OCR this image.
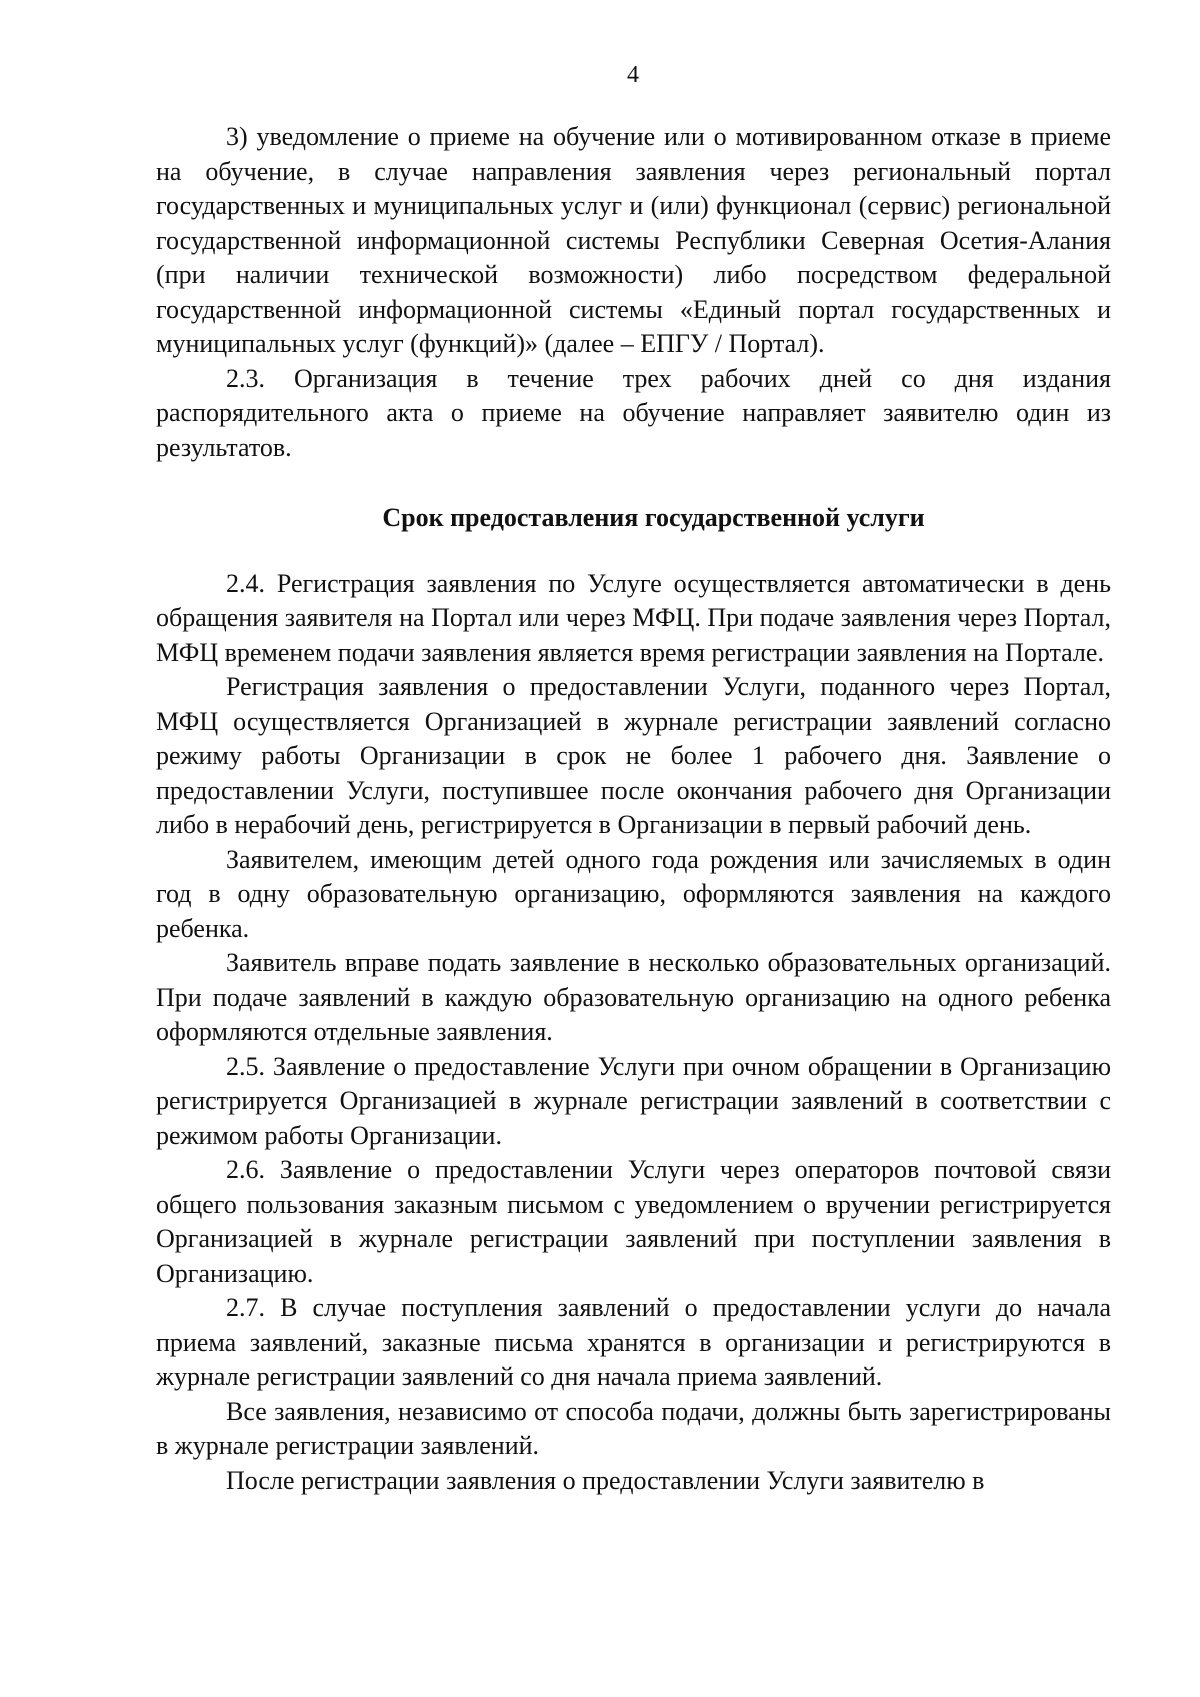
4

3) уведомление о приеме на обучение или о мотивированном отказе в приеме на обучение, в случае направления заявления через региональный портал государственных и муниципальных услуг и (или) функционал (сервис) региональной государственной информационной системы Республики Северная Осетия-Алания (при наличии технической возможности) либо посредством федеральной государственной информационной системы «Единый портал государственных и муниципальных услуг (функций)» (далее – ЕПГУ / Портал).

2.3. Организация в течение трех рабочих дней со дня издания распорядительного акта о приеме на обучение направляет заявителю один из результатов.

Срок предоставления государственной услуги

2.4. Регистрация заявления по Услуге осуществляется автоматически в день обращения заявителя на Портал или через МФЦ. При подаче заявления через Портал, МФЦ временем подачи заявления является время регистрации заявления на Портале.

Регистрация заявления о предоставлении Услуги, поданного через Портал, МФЦ осуществляется Организацией в журнале регистрации заявлений согласно режиму работы Организации в срок не более 1 рабочего дня. Заявление о предоставлении Услуги, поступившее после окончания рабочего дня Организации либо в нерабочий день, регистрируется в Организации в первый рабочий день.

Заявителем, имеющим детей одного года рождения или зачисляемых в один год в одну образовательную организацию, оформляются заявления на каждого ребенка.

Заявитель вправе подать заявление в несколько образовательных организаций. При подаче заявлений в каждую образовательную организацию на одного ребенка оформляются отдельные заявления.

2.5. Заявление о предоставление Услуги при очном обращении в Организацию регистрируется Организацией в журнале регистрации заявлений в соответствии с режимом работы Организации.

2.6. Заявление о предоставлении Услуги через операторов почтовой связи общего пользования заказным письмом с уведомлением о вручении регистрируется Организацией в журнале регистрации заявлений при поступлении заявления в Организацию.

2.7. В случае поступления заявлений о предоставлении услуги до начала приема заявлений, заказные письма хранятся в организации и регистрируются в журнале регистрации заявлений со дня начала приема заявлений.

Все заявления, независимо от способа подачи, должны быть зарегистрированы в журнале регистрации заявлений.

После регистрации заявления о предоставлении Услуги заявителю в
